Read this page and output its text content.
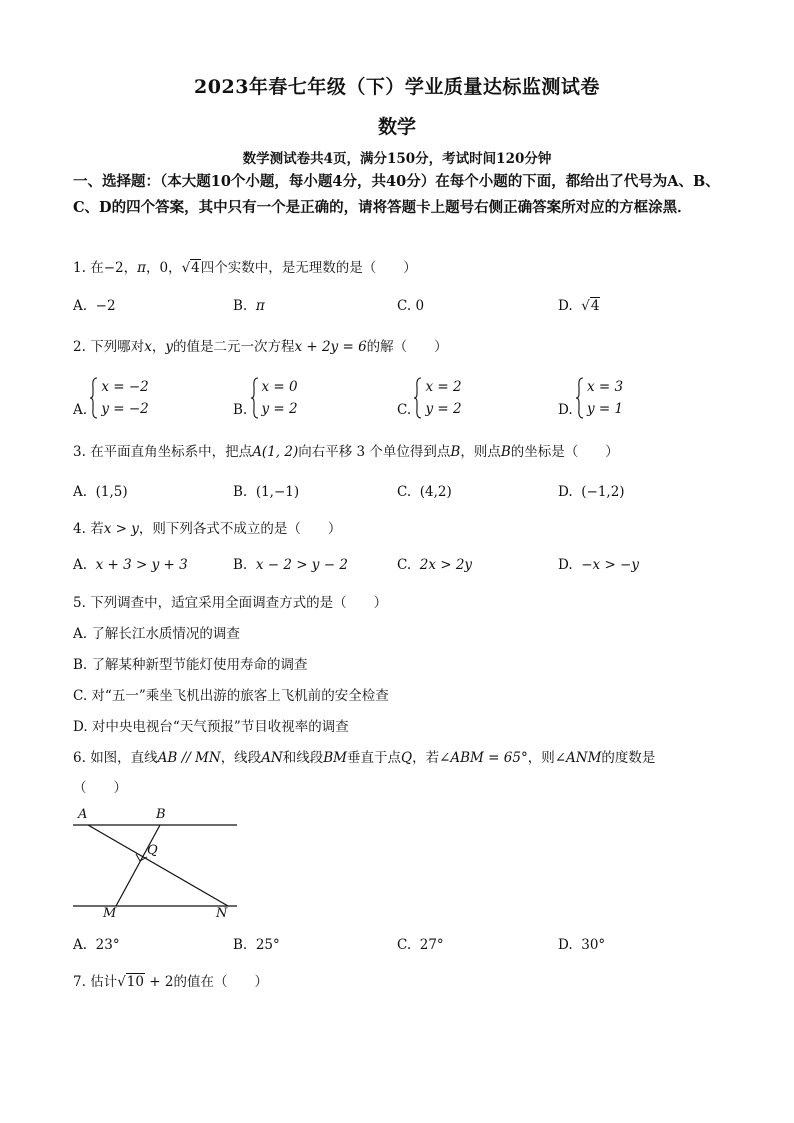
2023年春七年级（下）学业质量达标监测试卷
数学
数学测试卷共4页，满分150分，考试时间120分钟
一、选择题：（本大题10个小题，每小题4分，共40分）在每个小题的下面，都给出了代号为A、B、C、D的四个答案，其中只有一个是正确的，请将答题卡上题号右侧正确答案所对应的方框涂黑．
1. 在−2，π，0，√4四个实数中，是无理数的是（　　）
A. −2	B. π	C. 0	D. √4
2. 下列哪对x，y的值是二元一次方程x + 2y = 6的解（　　）
A.
x = −2
y = −2	B.
x = 0
y = 2	C.
x = 2
y = 2	D.
x = 3
y = 1
3. 在平面直角坐标系中，把点A(1, 2)向右平移 3 个单位得到点B，则点B的坐标是（　　）
A. (1,5)	B. (1,−1)	C. (4,2)	D. (−1,2)
4. 若x > y，则下列各式不成立的是（　　）
A. x + 3 > y + 3	B. x − 2 > y − 2	C. 2x > 2y	D. −x > −y
5. 下列调查中，适宜采用全面调查方式的是（　　）
A. 了解长江水质情况的调查
B. 了解某种新型节能灯使用寿命的调查
C. 对“五一”乘坐飞机出游的旅客上飞机前的安全检查
D. 对中央电视台“天气预报”节目收视率的调查
6. 如图，直线AB // MN，线段AN和线段BM垂直于点Q，若∠ABM = 65°，则∠ANM的度数是
（　　）
A	B
Q
M	N
A. 23°	B. 25°	C. 27°	D. 30°
7. 估计√10 + 2的值在（　　）
